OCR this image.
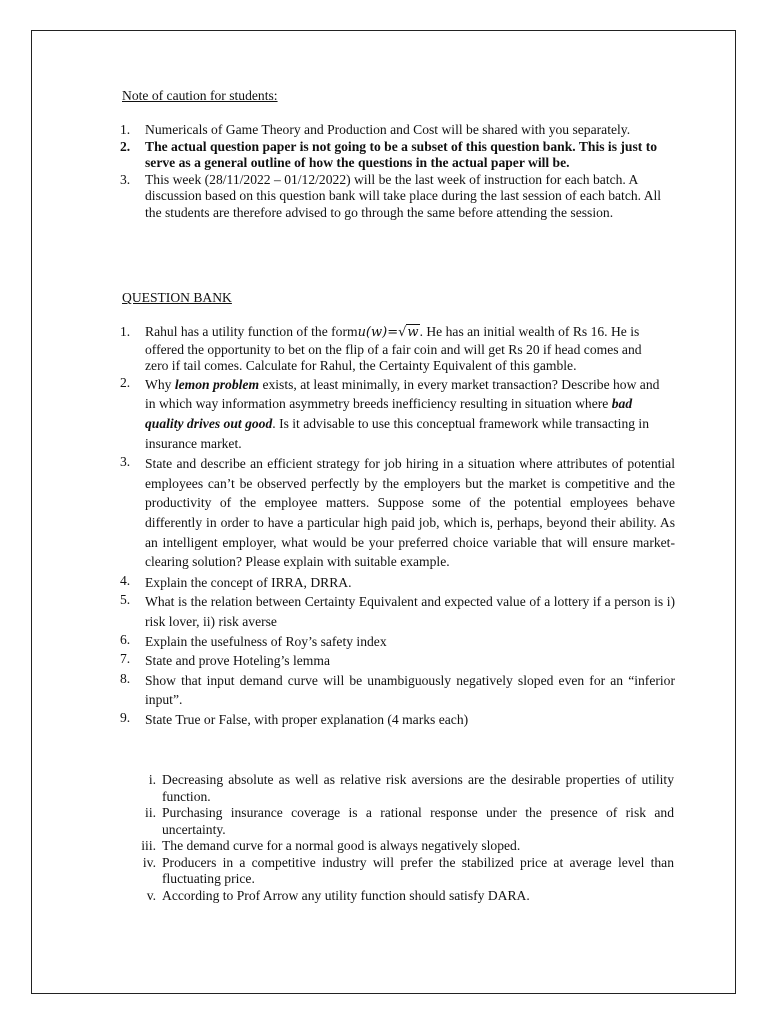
Note of caution for students:
1. Numericals of Game Theory and Production and Cost will be shared with you separately.
2. The actual question paper is not going to be a subset of this question bank. This is just to serve as a general outline of how the questions in the actual paper will be.
3. This week (28/11/2022 – 01/12/2022) will be the last week of instruction for each batch. A discussion based on this question bank will take place during the last session of each batch. All the students are therefore advised to go through the same before attending the session.
QUESTION BANK
1. Rahul has a utility function of the formu(w)=√w. He has an initial wealth of Rs 16. He is offered the opportunity to bet on the flip of a fair coin and will get Rs 20 if head comes and zero if tail comes. Calculate for Rahul, the Certainty Equivalent of this gamble.
2. Why lemon problem exists, at least minimally, in every market transaction? Describe how and in which way information asymmetry breeds inefficiency resulting in situation where bad quality drives out good. Is it advisable to use this conceptual framework while transacting in insurance market.
3. State and describe an efficient strategy for job hiring in a situation where attributes of potential employees can’t be observed perfectly by the employers but the market is competitive and the productivity of the employee matters. Suppose some of the potential employees behave differently in order to have a particular high paid job, which is, perhaps, beyond their ability. As an intelligent employer, what would be your preferred choice variable that will ensure market-clearing solution? Please explain with suitable example.
4. Explain the concept of IRRA, DRRA.
5. What is the relation between Certainty Equivalent and expected value of a lottery if a person is i) risk lover, ii) risk averse
6. Explain the usefulness of Roy’s safety index
7. State and prove Hoteling’s lemma
8. Show that input demand curve will be unambiguously negatively sloped even for an “inferior input”.
9. State True or False, with proper explanation (4 marks each)
i. Decreasing absolute as well as relative risk aversions are the desirable properties of utility function.
ii. Purchasing insurance coverage is a rational response under the presence of risk and uncertainty.
iii. The demand curve for a normal good is always negatively sloped.
iv. Producers in a competitive industry will prefer the stabilized price at average level than fluctuating price.
v. According to Prof Arrow any utility function should satisfy DARA.
